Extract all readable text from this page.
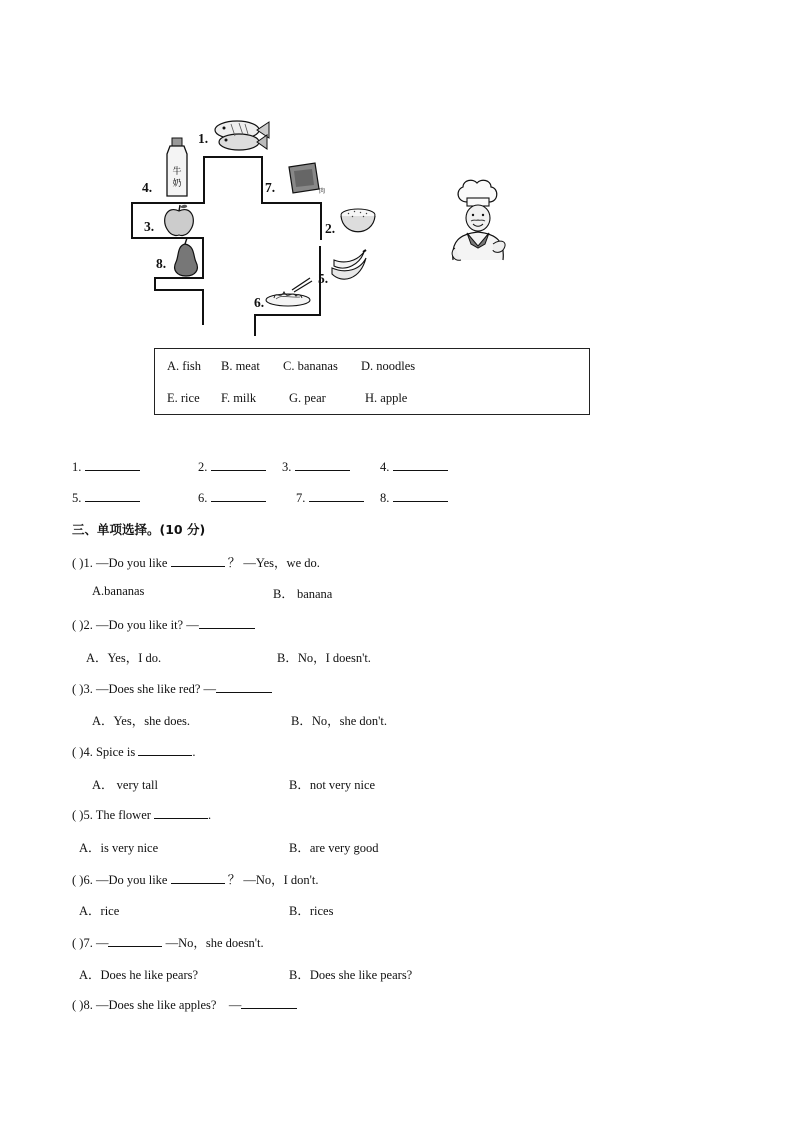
牛
奶
肉
1.
2.
3.
4.
5.
6.
7.
8.
A. fish B. meat C. bananas D. noodles
E. rice F. milk	G. pear	H. apple
1.	2.	3.	4.
5.	6.	7.	8.
三、单项选择。(10 分)
( )1. —Do you like	？ —Yes，we do.
A.bananas	B． banana
( )2. —Do you like it? —
A．Yes，I do.	B．No，I doesn't.
( )3. —Does she like red? —
A．Yes，she does.	B．No，she don't.
( )4. Spice is	.
A． very tall	B．not very nice
( )5. The flower	.
A．is very nice	B．are very good
( )6. —Do you like	？ —No，I don't.
A．rice	B．rices
( )7. —	—No，she doesn't.
A．Does he like pears?	B．Does she like pears?
( )8. —Does she like apples?    —
